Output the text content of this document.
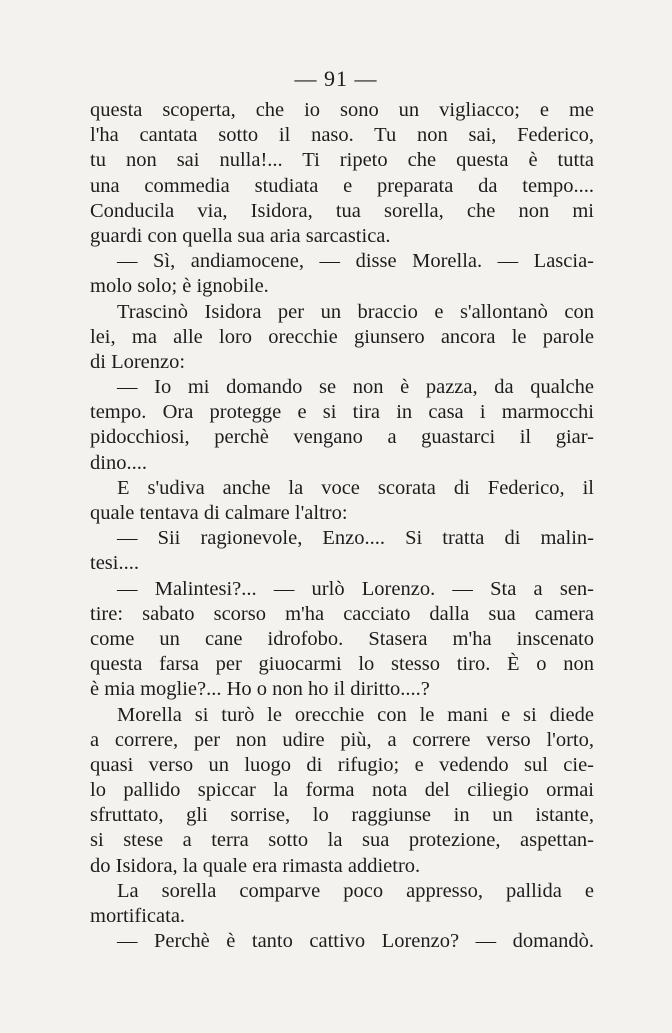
— 91 —
questa scoperta, che io sono un vigliacco; e me
l'ha cantata sotto il naso. Tu non sai, Federico,
tu non sai nulla!... Ti ripeto che questa è tutta
una commedia studiata e preparata da tempo....
Conducila via, Isidora, tua sorella, che non mi
guardi con quella sua aria sarcastica.
— Sì, andiamocene, — disse Morella. — Lascia-
molo solo; è ignobile.
Trascinò Isidora per un braccio e s'allontanò con
lei, ma alle loro orecchie giunsero ancora le parole
di Lorenzo:
— Io mi domando se non è pazza, da qualche
tempo. Ora protegge e si tira in casa i marmocchi
pidocchiosi, perchè vengano a guastarci il giar-
dino....
E s'udiva anche la voce scorata di Federico, il
quale tentava di calmare l'altro:
— Sii ragionevole, Enzo.... Si tratta di malin-
tesi....
— Malintesi?... — urlò Lorenzo. — Sta a sen-
tire: sabato scorso m'ha cacciato dalla sua camera
come un cane idrofobo. Stasera m'ha inscenato
questa farsa per giuocarmi lo stesso tiro. È o non
è mia moglie?... Ho o non ho il diritto....?
Morella si turò le orecchie con le mani e si diede
a correre, per non udire più, a correre verso l'orto,
quasi verso un luogo di rifugio; e vedendo sul cie-
lo pallido spiccar la forma nota del ciliegio ormai
sfruttato, gli sorrise, lo raggiunse in un istante,
si stese a terra sotto la sua protezione, aspettan-
do Isidora, la quale era rimasta addietro.
La sorella comparve poco appresso, pallida e
mortificata.
— Perchè è tanto cattivo Lorenzo? — domandò.
